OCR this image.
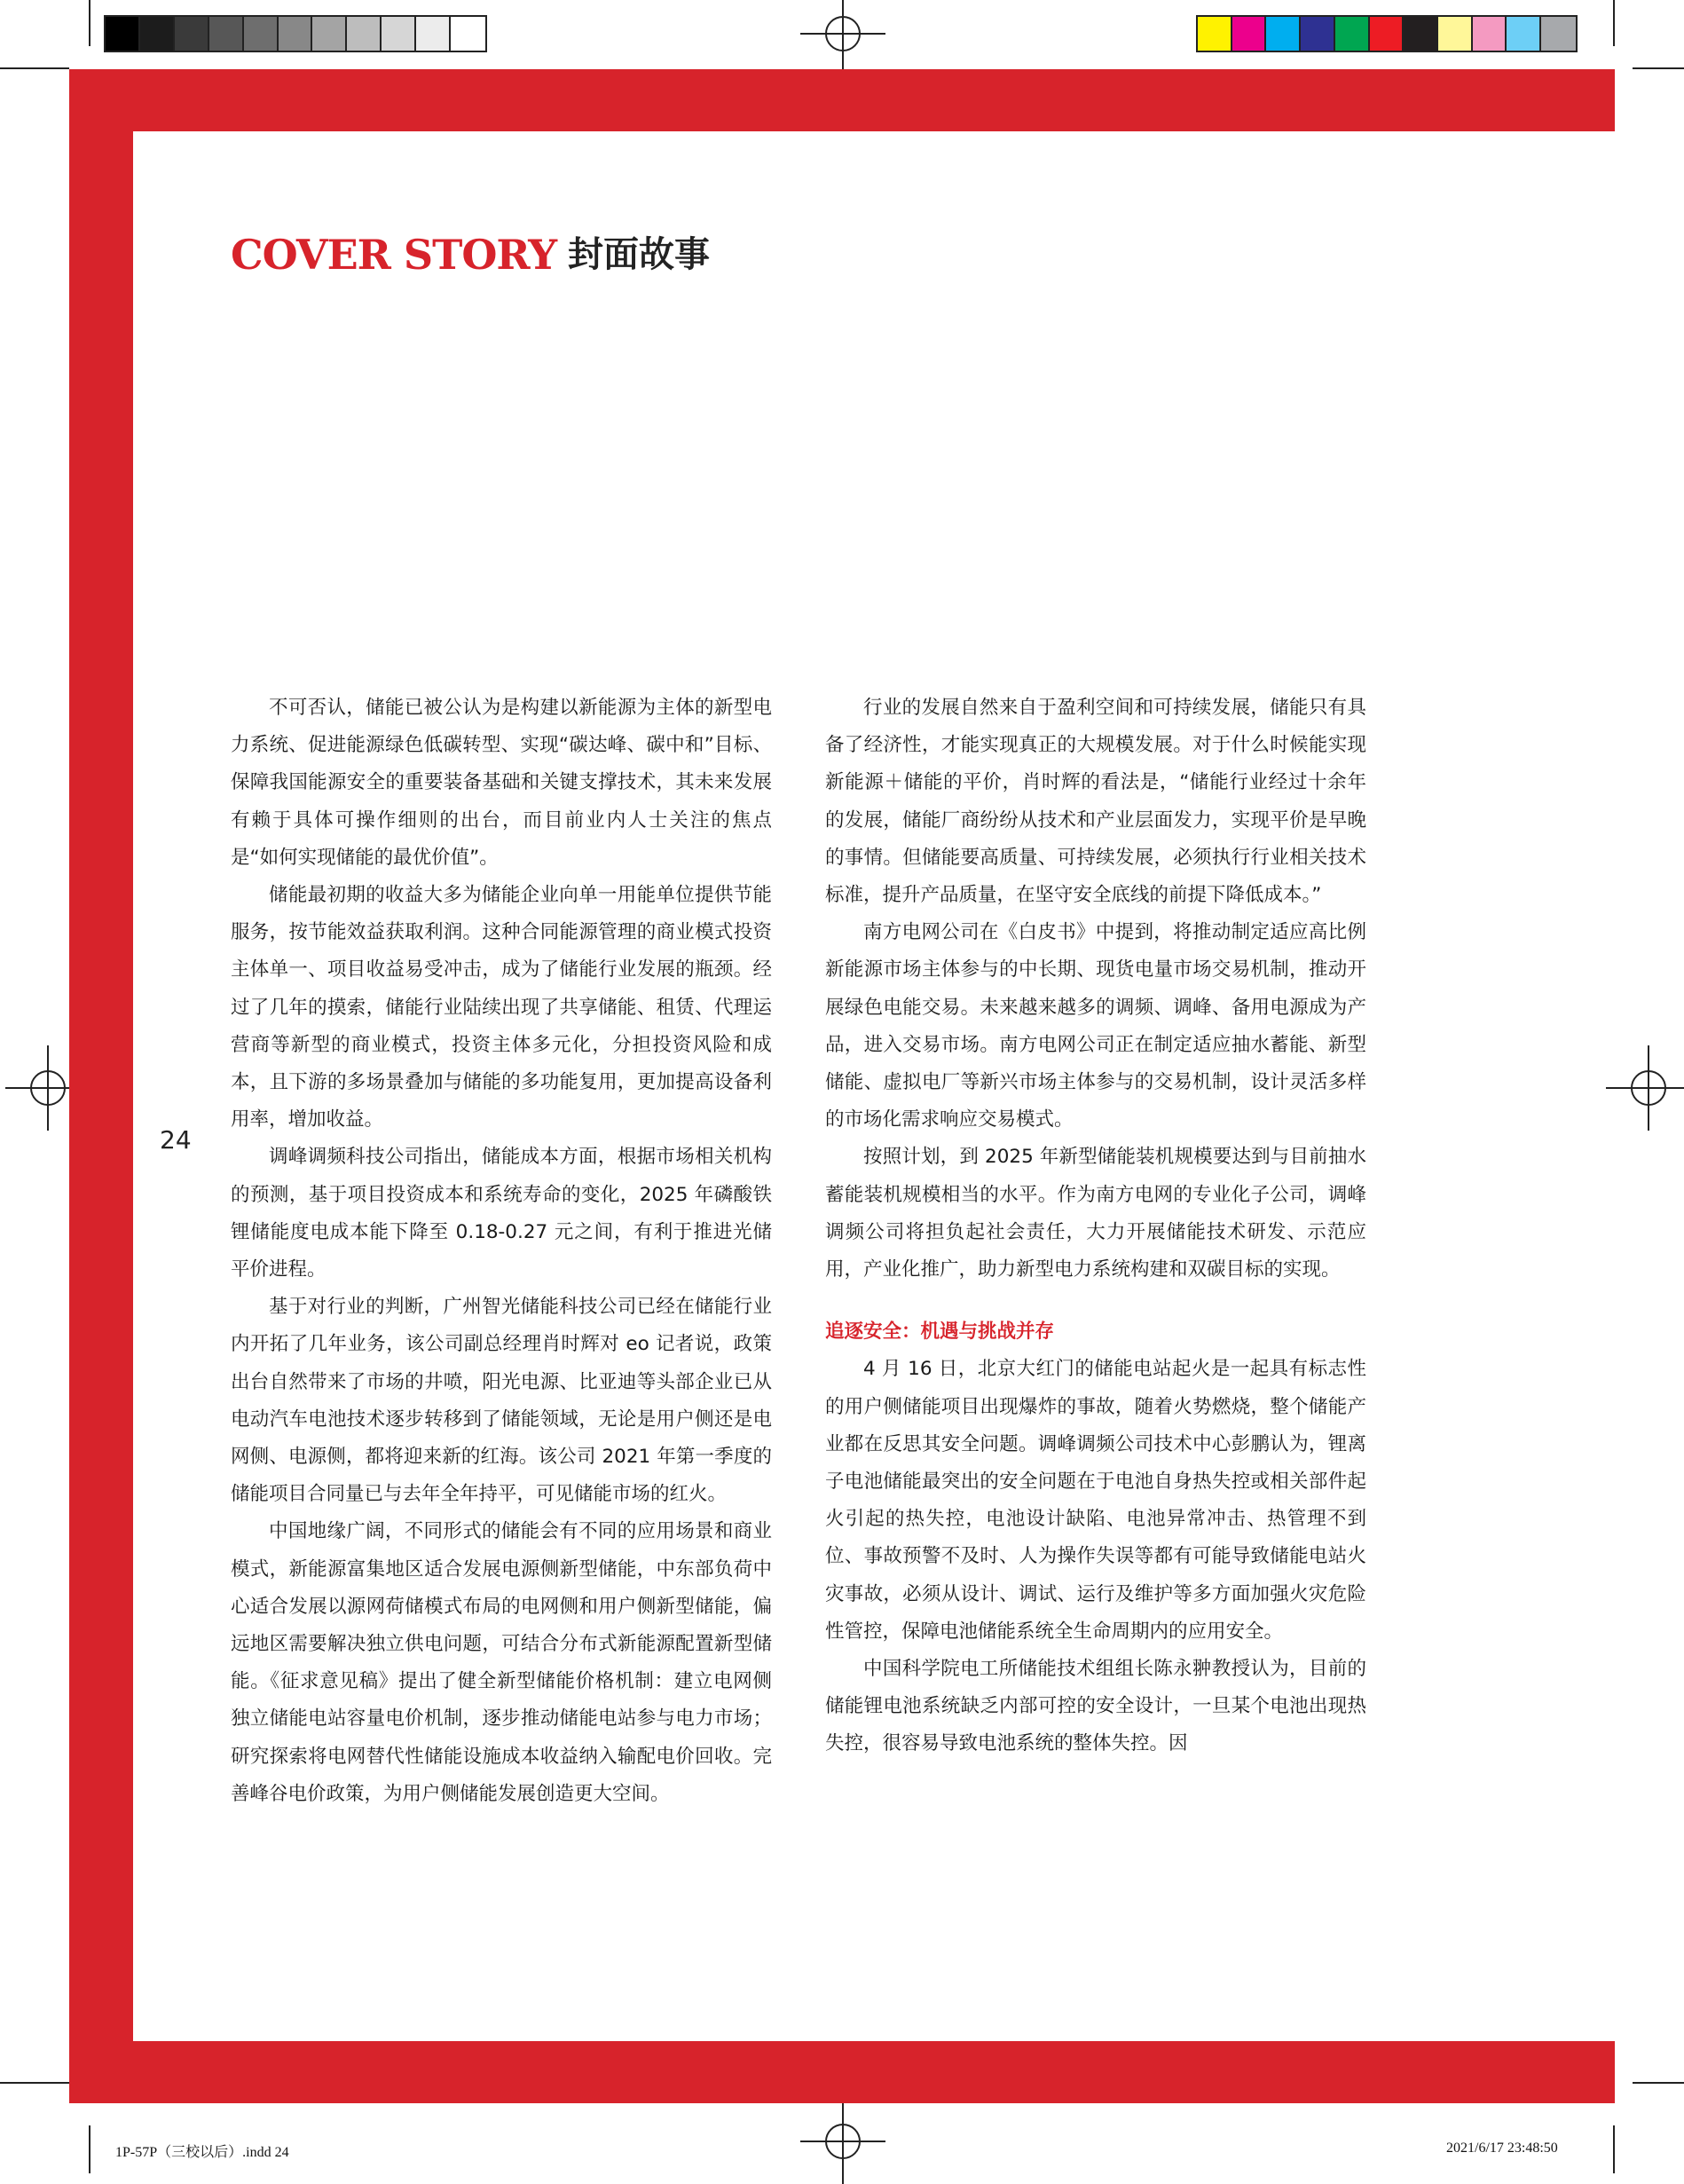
COVER STORY 封面故事
24

不可否认，储能已被公认为是构建以新能源为主体的新型电力系统、促进能源绿色低碳转型、实现“碳达峰、碳中和”目标、保障我国能源安全的重要装备基础和关键支撑技术，其未来发展有赖于具体可操作细则的出台，而目前业内人士关注的焦点是“如何实现储能的最优价值”。

储能最初期的收益大多为储能企业向单一用能单位提供节能服务，按节能效益获取利润。这种合同能源管理的商业模式投资主体单一、项目收益易受冲击，成为了储能行业发展的瓶颈。经过了几年的摸索，储能行业陆续出现了共享储能、租赁、代理运营商等新型的商业模式，投资主体多元化，分担投资风险和成本，且下游的多场景叠加与储能的多功能复用，更加提高设备利用率，增加收益。

调峰调频科技公司指出，储能成本方面，根据市场相关机构的预测，基于项目投资成本和系统寿命的变化，2025 年磷酸铁锂储能度电成本能下降至 0.18-0.27 元之间，有利于推进光储平价进程。

基于对行业的判断，广州智光储能科技公司已经在储能行业内开拓了几年业务，该公司副总经理肖时辉对 eo 记者说，政策出台自然带来了市场的井喷，阳光电源、比亚迪等头部企业已从电动汽车电池技术逐步转移到了储能领域，无论是用户侧还是电网侧、电源侧，都将迎来新的红海。该公司 2021 年第一季度的储能项目合同量已与去年全年持平，可见储能市场的红火。

中国地缘广阔，不同形式的储能会有不同的应用场景和商业模式，新能源富集地区适合发展电源侧新型储能，中东部负荷中心适合发展以源网荷储模式布局的电网侧和用户侧新型储能，偏远地区需要解决独立供电问题，可结合分布式新能源配置新型储能。《征求意见稿》提出了健全新型储能价格机制：建立电网侧独立储能电站容量电价机制，逐步推动储能电站参与电力市场；研究探索将电网替代性储能设施成本收益纳入输配电价回收。完善峰谷电价政策，为用户侧储能发展创造更大空间。

行业的发展自然来自于盈利空间和可持续发展，储能只有具备了经济性，才能实现真正的大规模发展。对于什么时候能实现新能源＋储能的平价，肖时辉的看法是，“储能行业经过十余年的发展，储能厂商纷纷从技术和产业层面发力，实现平价是早晚的事情。但储能要高质量、可持续发展，必须执行行业相关技术标准，提升产品质量，在坚守安全底线的前提下降低成本。”

南方电网公司在《白皮书》中提到，将推动制定适应高比例新能源市场主体参与的中长期、现货电量市场交易机制，推动开展绿色电能交易。未来越来越多的调频、调峰、备用电源成为产品，进入交易市场。南方电网公司正在制定适应抽水蓄能、新型储能、虚拟电厂等新兴市场主体参与的交易机制，设计灵活多样的市场化需求响应交易模式。

按照计划，到 2025 年新型储能装机规模要达到与目前抽水蓄能装机规模相当的水平。作为南方电网的专业化子公司，调峰调频公司将担负起社会责任，大力开展储能技术研发、示范应用，产业化推广，助力新型电力系统构建和双碳目标的实现。

追逐安全：机遇与挑战并存

4 月 16 日，北京大红门的储能电站起火是一起具有标志性的用户侧储能项目出现爆炸的事故，随着火势燃烧，整个储能产业都在反思其安全问题。调峰调频公司技术中心彭鹏认为，锂离子电池储能最突出的安全问题在于电池自身热失控或相关部件起火引起的热失控，电池设计缺陷、电池异常冲击、热管理不到位、事故预警不及时、人为操作失误等都有可能导致储能电站火灾事故，必须从设计、调试、运行及维护等多方面加强火灾危险性管控，保障电池储能系统全生命周期内的应用安全。

中国科学院电工所储能技术组组长陈永翀教授认为，目前的储能锂电池系统缺乏内部可控的安全设计，一旦某个电池出现热失控，很容易导致电池系统的整体失控。因

1P-57P（三校以后）.indd 24	2021/6/17 23:48:50
